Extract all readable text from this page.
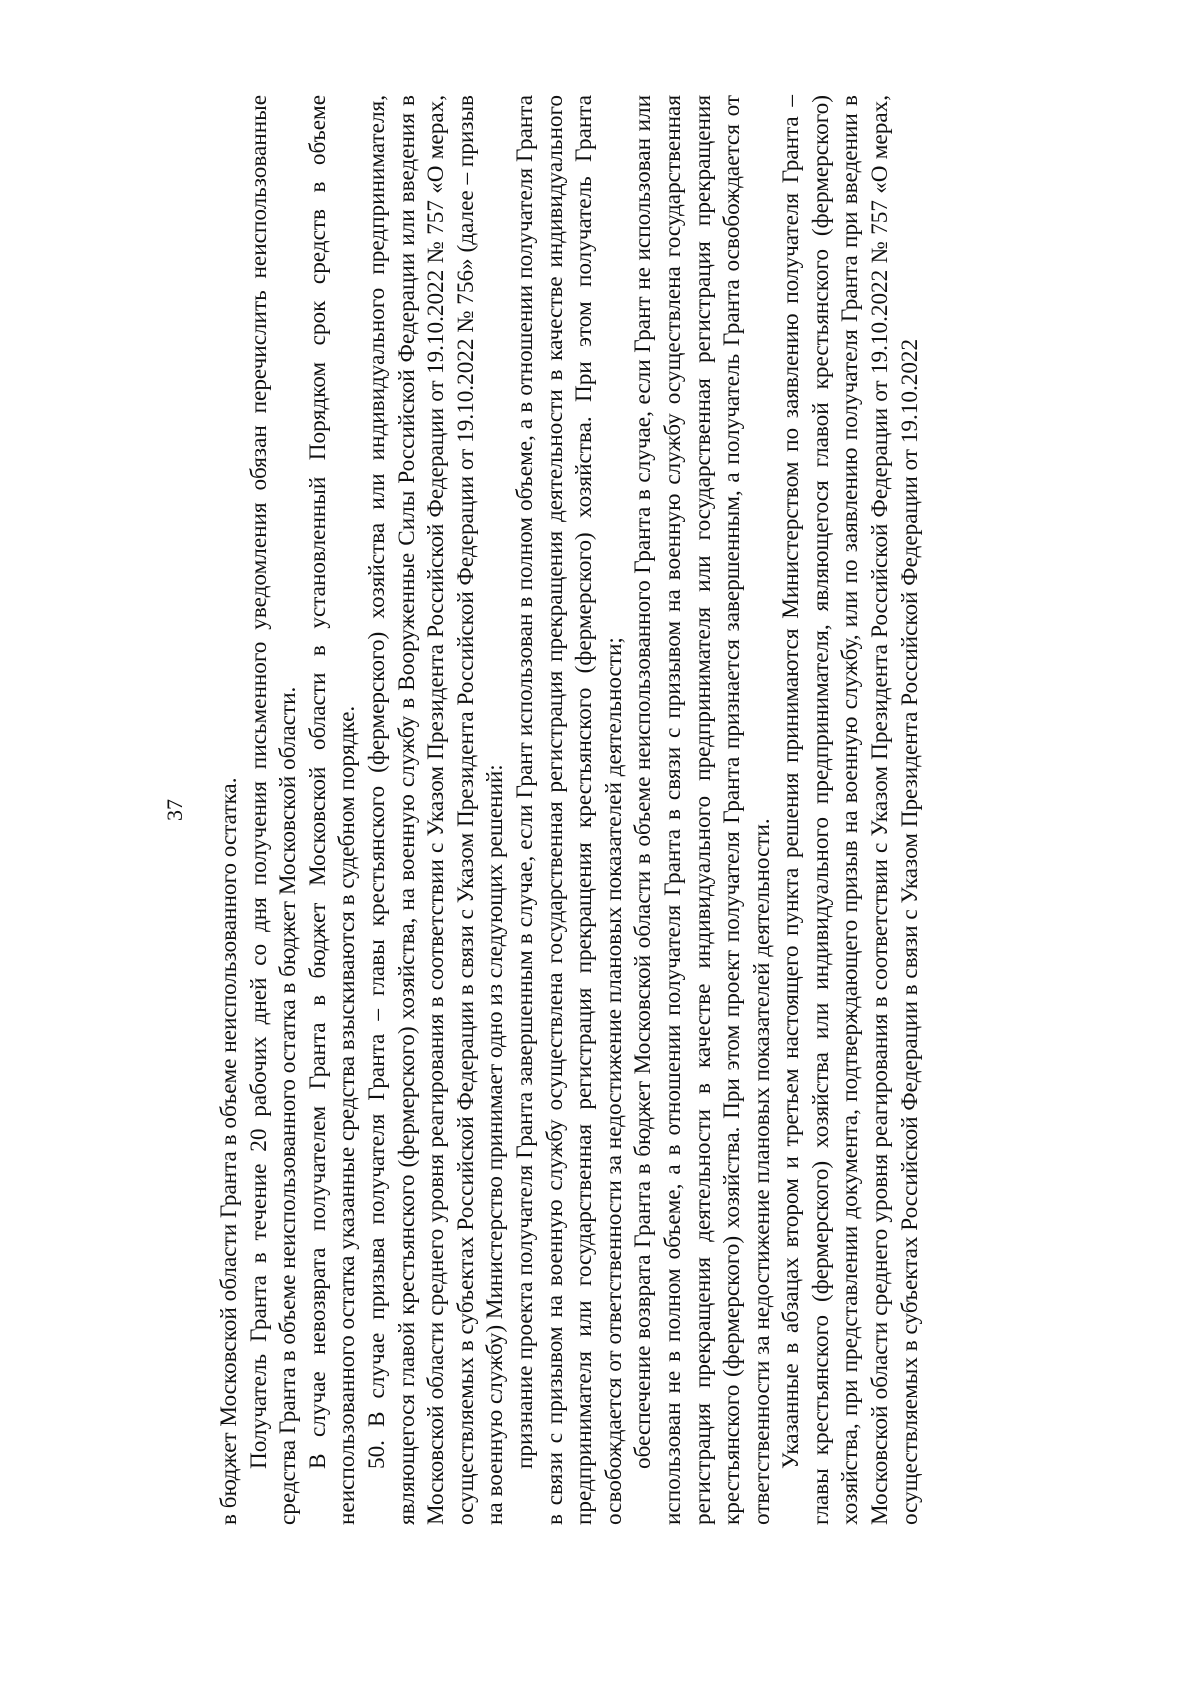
37	в бюджет Московской области Гранта в объеме неиспользованного остатка. Получатель Гранта в течение 20 рабочих дней со дня получения письменного уведомления обязан перечислить неиспользованные средства Гранта в объеме неиспользованного остатка в бюджет Московской области. В случае невозврата получателем Гранта в бюджет Московской области в установленный Порядком срок средств в объеме неиспользованного остатка указанные средства взыскиваются в судебном порядке. 50. В случае призыва получателя Гранта – главы крестьянского (фермерского) хозяйства или индивидуального предпринимателя, являющегося главой крестьянского (фермерского) хозяйства, на военную службу в Вооруженные Силы Российской Федерации или введения в Московской области среднего уровня реагирования в соответствии с Указом Президента Российской Федерации от 19.10.2022 № 757 «О мерах, осуществляемых в субъектах Российской Федерации в связи с Указом Президента Российской Федерации от 19.10.2022 № 756» (далее – призыв на военную службу) Министерство принимает одно из следующих решений: признание проекта получателя Гранта завершенным в случае, если Грант использован в полном объеме, а в отношении получателя Гранта в связи с призывом на военную службу осуществлена государственная регистрация прекращения деятельности в качестве индивидуального предпринимателя или государственная регистрация прекращения крестьянского (фермерского) хозяйства. При этом получатель Гранта освобождается от ответственности за недостижение плановых показателей деятельности; обеспечение возврата Гранта в бюджет Московской области в объеме неиспользованного Гранта в случае, если Грант не использован или использован не в полном объеме, а в отношении получателя Гранта в связи с призывом на военную службу осуществлена государственная регистрация прекращения деятельности в качестве индивидуального предпринимателя или государственная регистрация прекращения крестьянского (фермерского) хозяйства. При этом проект получателя Гранта признается завершенным, а получатель Гранта освобождается от ответственности за недостижение плановых показателей деятельности. Указанные в абзацах втором и третьем настоящего пункта решения принимаются Министерством по заявлению получателя Гранта – главы крестьянского (фермерского) хозяйства или индивидуального предпринимателя, являющегося главой крестьянского (фермерского) хозяйства, при представлении документа, подтверждающего призыв на военную службу, или по заявлению получателя Гранта при введении в Московской области среднего уровня реагирования в соответствии с Указом Президента Российской Федерации от 19.10.2022 № 757 «О мерах, осуществляемых в субъектах Российской Федерации в связи с Указом Президента Российской Федерации от 19.10.2022
